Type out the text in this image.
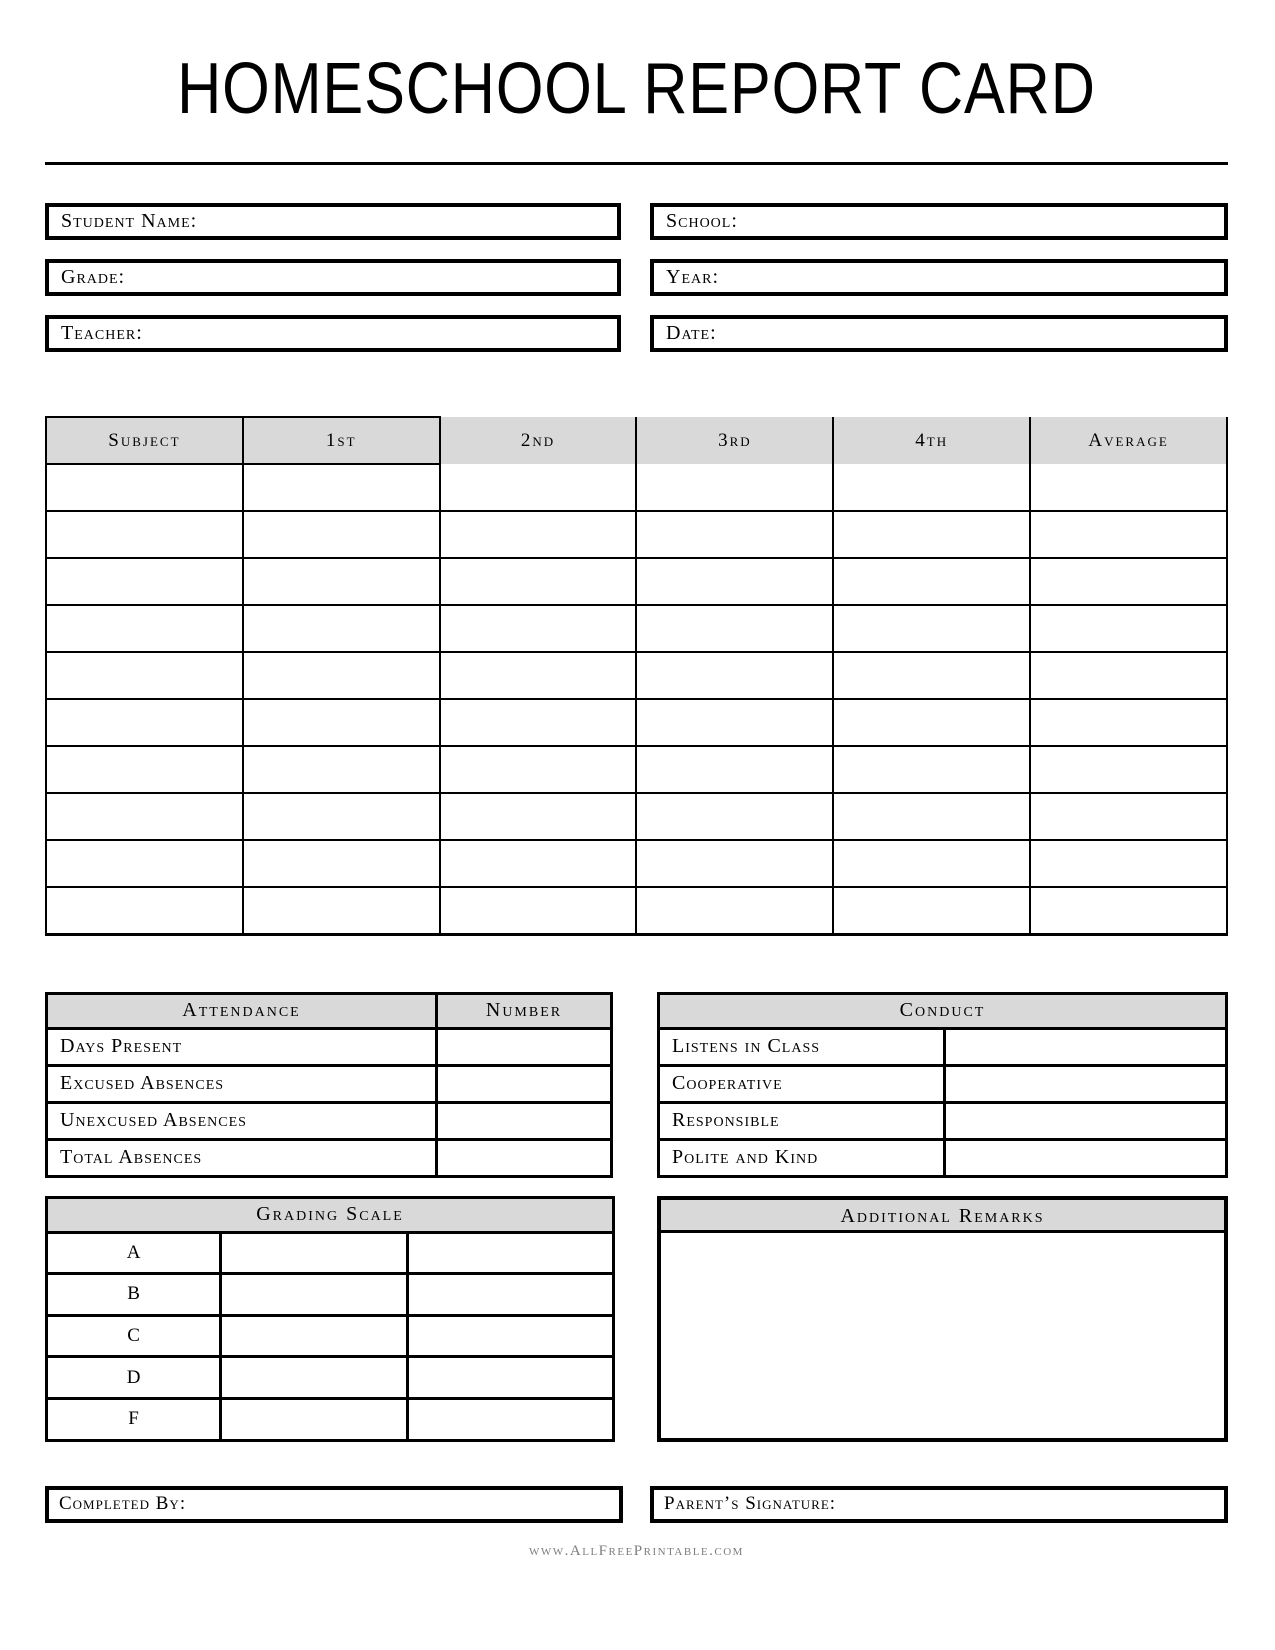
HOMESCHOOL REPORT CARD
Student Name:	School:
Grade:	Year:
Teacher:	Date:
Subject	1st	2nd	3rd	4th	Average

Attendance	Number
Days Present	
Excused Absences	
Unexcused Absences	
Total Absences	
Conduct	
Listens in Class	
Cooperative	
Responsible	
Polite and Kind	
Grading Scale		
A		
B		
C		
D		
F		
Additional Remarks
Completed By:	Parent’s Signature:
www.AllFreePrintable.com
